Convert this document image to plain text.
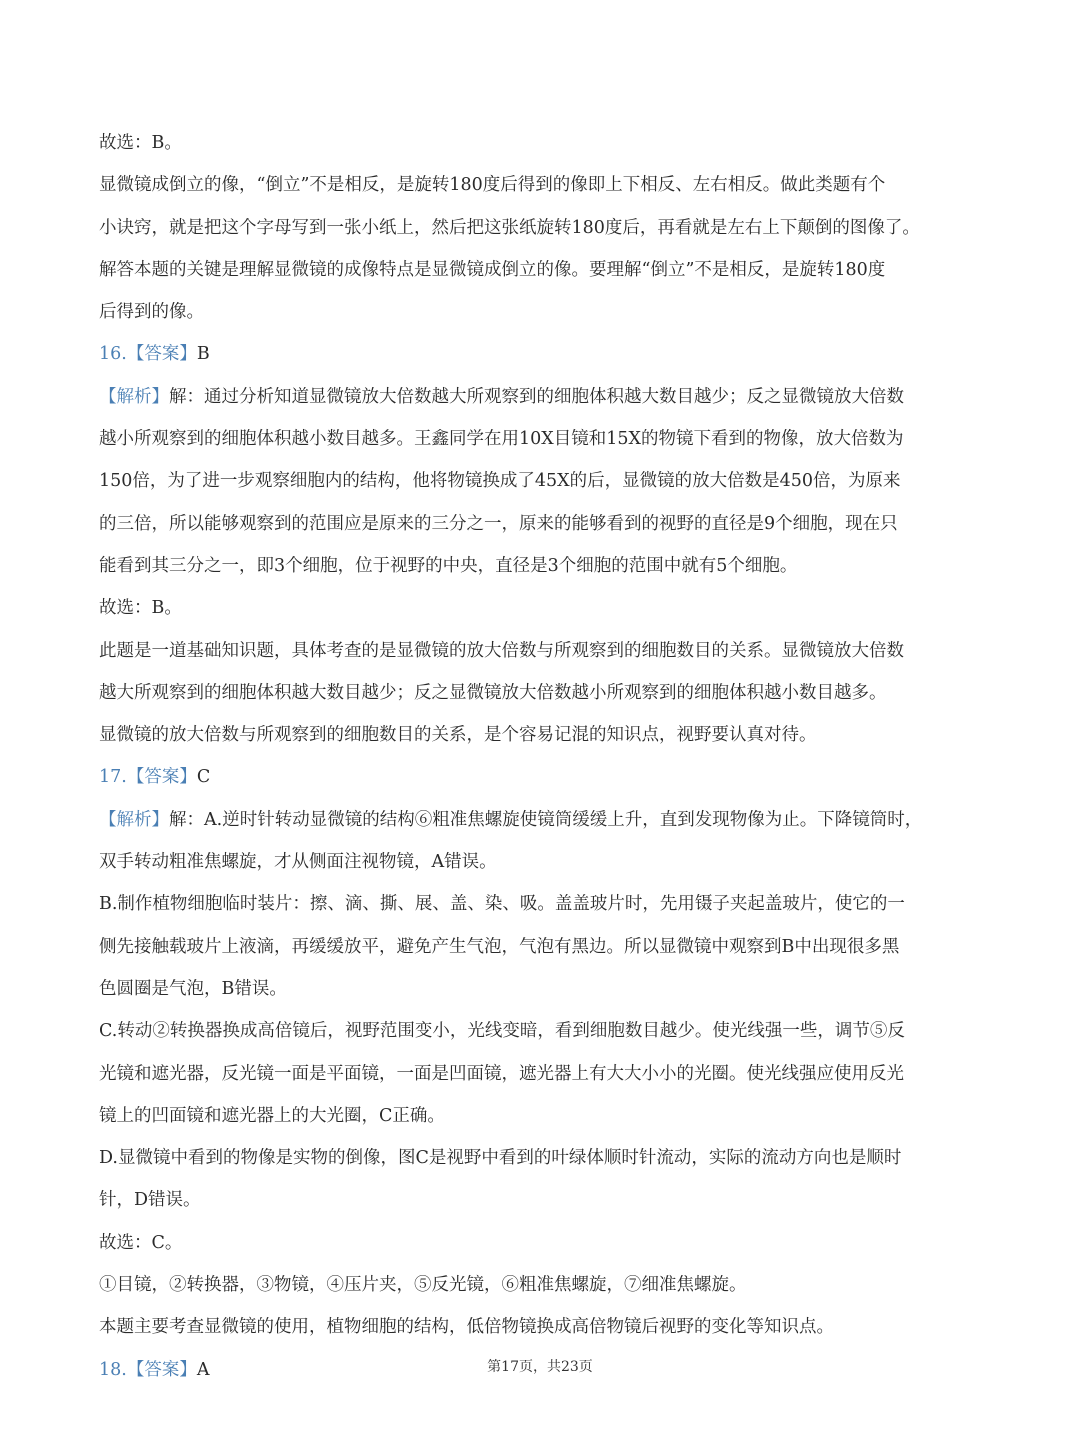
故选：B。
显微镜成倒立的像，“倒立”不是相反，是旋转180度后得到的像即上下相反、左右相反。做此类题有个
小诀窍，就是把这个字母写到一张小纸上，然后把这张纸旋转180度后，再看就是左右上下颠倒的图像了。
解答本题的关键是理解显微镜的成像特点是显微镜成倒立的像。要理解“倒立”不是相反，是旋转180度
后得到的像。
16.【答案】B
【解析】解：通过分析知道显微镜放大倍数越大所观察到的细胞体积越大数目越少；反之显微镜放大倍数
越小所观察到的细胞体积越小数目越多。王鑫同学在用10X目镜和15X的物镜下看到的物像，放大倍数为
150倍，为了进一步观察细胞内的结构，他将物镜换成了45X的后，显微镜的放大倍数是450倍，为原来
的三倍，所以能够观察到的范围应是原来的三分之一，原来的能够看到的视野的直径是9个细胞，现在只
能看到其三分之一，即3个细胞，位于视野的中央，直径是3个细胞的范围中就有5个细胞。
故选：B。
此题是一道基础知识题，具体考查的是显微镜的放大倍数与所观察到的细胞数目的关系。显微镜放大倍数
越大所观察到的细胞体积越大数目越少；反之显微镜放大倍数越小所观察到的细胞体积越小数目越多。
显微镜的放大倍数与所观察到的细胞数目的关系，是个容易记混的知识点，视野要认真对待。
17.【答案】C
【解析】解：A.逆时针转动显微镜的结构⑥粗准焦螺旋使镜筒缓缓上升，直到发现物像为止。下降镜筒时，
双手转动粗准焦螺旋，才从侧面注视物镜，A错误。
B.制作植物细胞临时装片：擦、滴、撕、展、盖、染、吸。盖盖玻片时，先用镊子夹起盖玻片，使它的一
侧先接触载玻片上液滴，再缓缓放平，避免产生气泡，气泡有黑边。所以显微镜中观察到B中出现很多黑
色圆圈是气泡，B错误。
C.转动②转换器换成高倍镜后，视野范围变小，光线变暗，看到细胞数目越少。使光线强一些，调节⑤反
光镜和遮光器，反光镜一面是平面镜，一面是凹面镜，遮光器上有大大小小的光圈。使光线强应使用反光
镜上的凹面镜和遮光器上的大光圈，C正确。
D.显微镜中看到的物像是实物的倒像，图C是视野中看到的叶绿体顺时针流动，实际的流动方向也是顺时
针，D错误。
故选：C。
①目镜，②转换器，③物镜，④压片夹，⑤反光镜，⑥粗准焦螺旋，⑦细准焦螺旋。
本题主要考查显微镜的使用，植物细胞的结构，低倍物镜换成高倍物镜后视野的变化等知识点。
18.【答案】A	第17页，共23页
